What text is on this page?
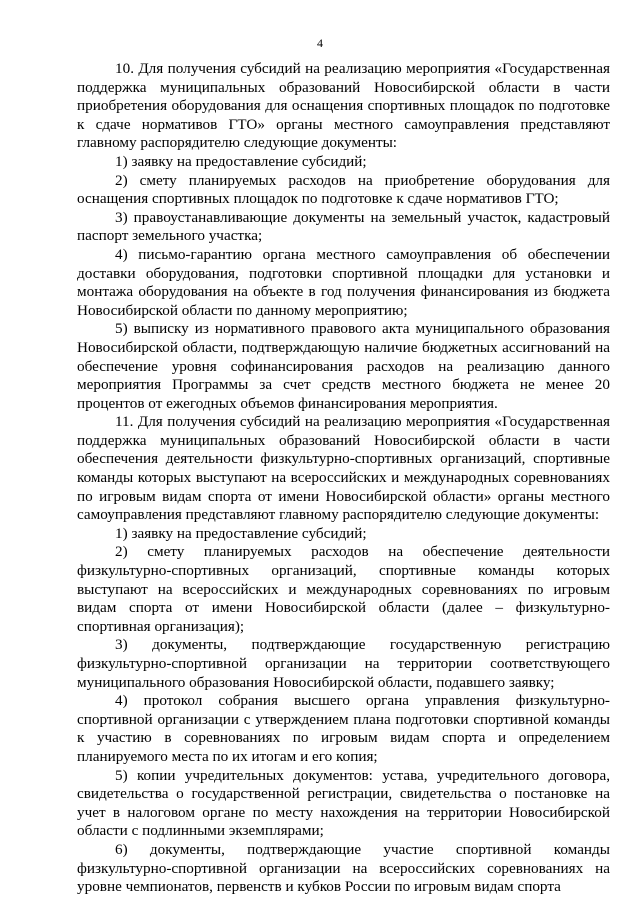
4

10. Для получения субсидий на реализацию мероприятия «Государственная поддержка муниципальных образований Новосибирской области в части приобретения оборудования для оснащения спортивных площадок по подготовке к сдаче нормативов ГТО» органы местного самоуправления представляют главному распорядителю следующие документы:

1) заявку на предоставление субсидий;

2) смету планируемых расходов на приобретение оборудования для оснащения спортивных площадок по подготовке к сдаче нормативов ГТО;

3) правоустанавливающие документы на земельный участок, кадастровый паспорт земельного участка;

4) письмо-гарантию органа местного самоуправления об обеспечении доставки оборудования, подготовки спортивной площадки для установки и монтажа оборудования на объекте в год получения финансирования из бюджета Новосибирской области по данному мероприятию;

5) выписку из нормативного правового акта муниципального образования Новосибирской области, подтверждающую наличие бюджетных ассигнований на обеспечение уровня софинансирования расходов на реализацию данного мероприятия Программы за счет средств местного бюджета не менее 20 процентов от ежегодных объемов финансирования мероприятия.

11. Для получения субсидий на реализацию мероприятия «Государственная поддержка муниципальных образований Новосибирской области в части обеспечения деятельности физкультурно-спортивных организаций, спортивные команды которых выступают на всероссийских и международных соревнованиях по игровым видам спорта от имени Новосибирской области» органы местного самоуправления представляют главному распорядителю следующие документы:

1) заявку на предоставление субсидий;

2) смету планируемых расходов на обеспечение деятельности физкультурно-спортивных организаций, спортивные команды которых выступают на всероссийских и международных соревнованиях по игровым видам спорта от имени Новосибирской области (далее – физкультурно-спортивная организация);

3) документы, подтверждающие государственную регистрацию физкультурно-спортивной организации на территории соответствующего муниципального образования Новосибирской области, подавшего заявку;

4) протокол собрания высшего органа управления физкультурно-спортивной организации с утверждением плана подготовки спортивной команды к участию в соревнованиях по игровым видам спорта и определением планируемого места по их итогам и его копия;

5) копии учредительных документов: устава, учредительного договора, свидетельства о государственной регистрации, свидетельства о постановке на учет в налоговом органе по месту нахождения на территории Новосибирской области с подлинными экземплярами;

6) документы, подтверждающие участие спортивной команды физкультурно-спортивной организации на всероссийских соревнованиях на уровне чемпионатов, первенств и кубков России по игровым видам спорта
